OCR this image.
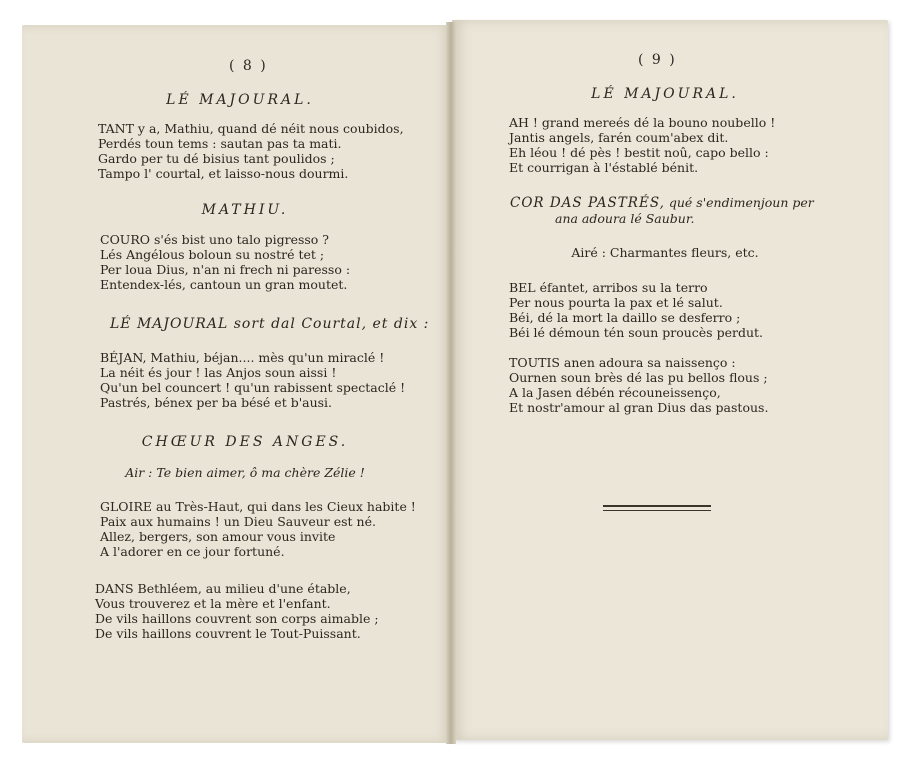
( 8 )
LÉ MAJOURAL.
TANT y a, Mathiu, quand dé néit nous coubidos,
Perdés toun tems : sautan pas ta mati.
Gardo per tu dé bisius tant poulidos ;
Tampo l' courtal, et laisso-nous dourmi.
MATHIU.
COURO s'és bist uno talo pigresso ?
Lés Angélous boloun su nostré tet ;
Per loua Dius, n'an ni frech ni paresso :
Entendex-lés, cantoun un gran moutet.
LÉ MAJOURAL sort dal Courtal, et dix :
BÉJAN, Mathiu, béjan.... mès qu'un miraclé !
La néit és jour ! las Anjos soun aissi !
Qu'un bel councert ! qu'un rabissent spectaclé !
Pastrés, bénex per ba bésé et b'ausi.
CHŒUR DES ANGES.
Air : Te bien aimer, ô ma chère Zélie !
GLOIRE au Très-Haut, qui dans les Cieux habite !
Paix aux humains ! un Dieu Sauveur est né.
Allez, bergers, son amour vous invite
A l'adorer en ce jour fortuné.
DANS Bethléem, au milieu d'une étable,
Vous trouverez et la mère et l'enfant.
De vils haillons couvrent son corps aimable ;
De vils haillons couvrent le Tout-Puissant.
( 9 )
LÉ MAJOURAL.
AH ! grand mereés dé la bouno noubello !
Jantis angels, farén coum'abex dit.
Eh léou ! dé pès ! bestit noû, capo bello :
Et courrigan à l'éstablé bénit.
COR DAS PASTRÉS, qué s'endimenjoun per
ana adoura lé Saubur.
Airé : Charmantes fleurs, etc.
BEL éfantet, arribos su la terro
Per nous pourta la pax et lé salut.
Béi, dé la mort la daillo se desferro ;
Béi lé démoun tén soun proucès perdut.
TOUTIS anen adoura sa naissenço :
Ournen soun brès dé las pu bellos flous ;
A la Jasen débén récouneissenço,
Et nostr'amour al gran Dius das pastous.
